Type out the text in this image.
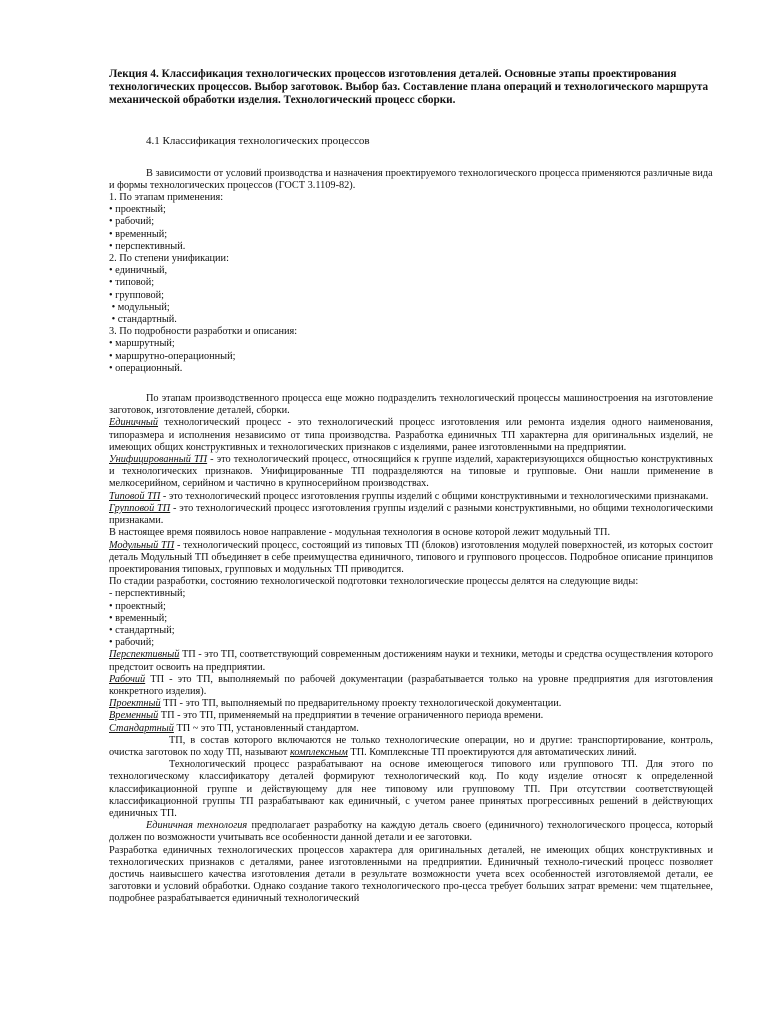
Лекция 4. Классификация технологических процессов изготовления деталей. Основные этапы проектирования технологических процессов. Выбор заготовок. Выбор баз. Составление плана операций и технологического маршрута механической обработки изделия. Технологический процесс сборки.

4.1 Классификация технологических процессов

В зависимости от условий производства и назначения проектируемого технологического процесса применяются различные вида и формы технологических процессов (ГОСТ 3.1109-82).

1. По этапам применения:
• проектный;
• рабочий;
• временный;
• перспективный.
2. По степени унификации:
• единичный,
• типовой;
• групповой;
• модульный;
• стандартный.
3. По подробности разработки и описания:
• маршрутный;
• маршрутно-операционный;
• операционный.

По этапам производственного процесса еще можно подразделить технологический процессы машиностроения на изготовление заготовок, изготовление деталей, сборки.

Единичный технологический процесс - это технологический процесс изготовления или ремонта изделия одного наименования, типоразмера и исполнения независимо от типа производства. Разработка единичных ТП характерна для оригинальных изделий, не имеющих общих конструктивных и технологических признаков с изделиями, ранее изготовленными на предприятии.

Унифицированный ТП - это технологический процесс, относящийся к группе изделий, характеризующихся общностью конструктивных и технологических признаков. Унифицированные ТП подразделяются на типовые и групповые. Они нашли применение в мелкосерийном, серийном и частично в крупносерийном производствах.

Типовой ТП - это технологический процесс изготовления группы изделий с общими конструктивными и технологическими признаками.

Групповой ТП - это технологический процесс изготовления группы изделий с разными конструктивными, но общими технологическими признаками.

В настоящее время появилось новое направление - модульная технология в основе которой лежит модульный ТП.

Модульный ТП - технологический процесс, состоящий из типовых ТП (блоков) изготовления модулей поверхностей, из которых состоит деталь Модульный ТП объединяет в себе преимущества единичного, типового и группового процессов. Подробное описание принципов проектирования типовых, групповых и модульных ТП приводится.

По стадии разработки, состоянию технологической подготовки технологические процессы делятся на следующие виды:

- перспективный;
• проектный;
• временный;
• стандартный;
• рабочий;

Перспективный ТП - это ТП, соответствующий современным достижениям науки и техники, методы и средства осуществления которого предстоит освоить на предприятии.

Рабочий ТП - это ТП, выполняемый по рабочей документации (разрабатывается только на уровне предприятия для изготовления конкретного изделия).

Проектный ТП - это ТП, выполняемый по предварительному проекту технологической документации.

Временный ТП - это ТП, применяемый на предприятии в течение ограниченного периода времени.

Стандартный ТП ~ это ТП, установленный стандартом.

ТП, в состав которого включаются не только технологические операции, но и другие: транспортирование, контроль, очистка заготовок по ходу ТП, называют комплексным ТП. Комплексные ТП проектируются для автоматических линий.

Технологический процесс разрабатывают на основе имеющегося типового или группового ТП. Для этого по технологическому классификатору деталей формируют технологический код. По коду изделие относят к определенной классификационной группе и действующему для нее типовому или групповому ТП. При отсутствии соответствующей классификационной группы ТП разрабатывают как единичный, с учетом ранее принятых прогрессивных решений в действующих единичных ТП.

Единичная технология предполагает разработку на каждую деталь своего (единичного) технологического процесса, который должен по возможности учитывать все особенности данной детали и ее заготовки.

Разработка единичных технологических процессов характера для оригинальных деталей, не имеющих общих конструктивных и технологических признаков с деталями, ранее изготовленными на предприятии. Единичный техноло-гический процесс позволяет достичь наивысшего качества изготовления детали в результате возможности учета всех особенностей изготовляемой детали, ее заготовки и условий обработки. Однако создание такого технологического про-цесса требует больших затрат времени: чем тщательнее, подробнее разрабатывается единичный технологический
